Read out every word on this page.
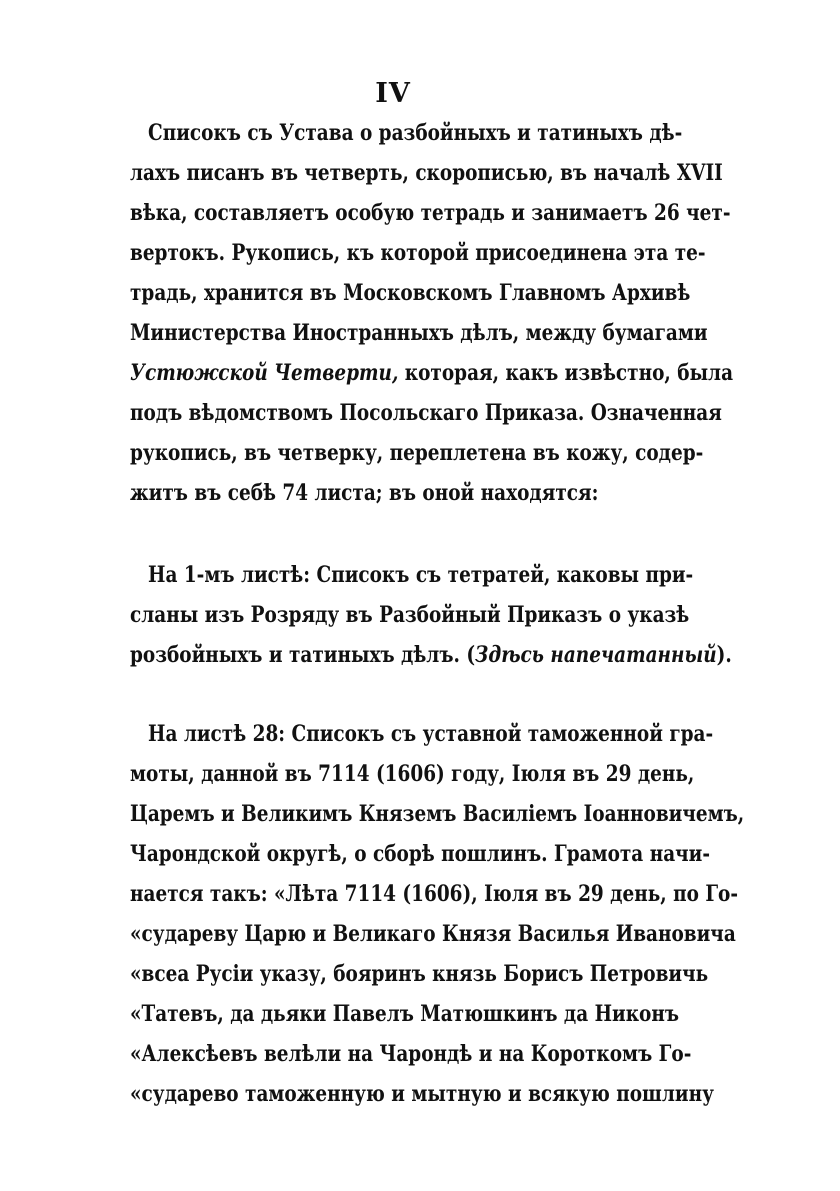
IV
Списокъ съ Устава о разбойныхъ и татиныхъ дѣ-
лахъ писанъ въ четверть, скорописью, въ началѣ XVII
вѣка, составляетъ особую тетрадь и занимаетъ 26 чет-
вертокъ. Рукопись, къ которой присоединена эта те-
традь, хранится въ Московскомъ Главномъ Архивѣ
Министерства Иностранныхъ дѣлъ, между бумагами
Устюжской Четверти, которая, какъ извѣстно, была
подъ вѣдомствомъ Посольскаго Приказа. Означенная
рукопись, въ четверку, переплетена въ кожу, содер-
житъ въ себѣ 74 листа; въ оной находятся:
На 1-мъ листѣ: Списокъ съ тетратей, каковы при-
сланы изъ Розряду въ Разбойный Приказъ о указѣ
розбойныхъ и татиныхъ дѣлъ. (Здѣсь напечатанный).
На листѣ 28: Списокъ съ уставной таможенной гра-
моты, данной въ 7114 (1606) году, Іюля въ 29 день,
Царемъ и Великимъ Княземъ Василіемъ Іоанновичемъ,
Чарондской округѣ, о сборѣ пошлинъ. Грамота начи-
нается такъ: «Лѣта 7114 (1606), Іюля въ 29 день, по Го-
«судареву Царю и Великаго Князя Василья Ивановича
«всеа Русіи указу, бояринъ князь Борисъ Петровичь
«Татевъ, да дьяки Павелъ Матюшкинъ да Никонъ
«Алексѣевъ велѣли на Чарондѣ и на Короткомъ Го-
«сударево таможенную и мытную и всякую пошлину
